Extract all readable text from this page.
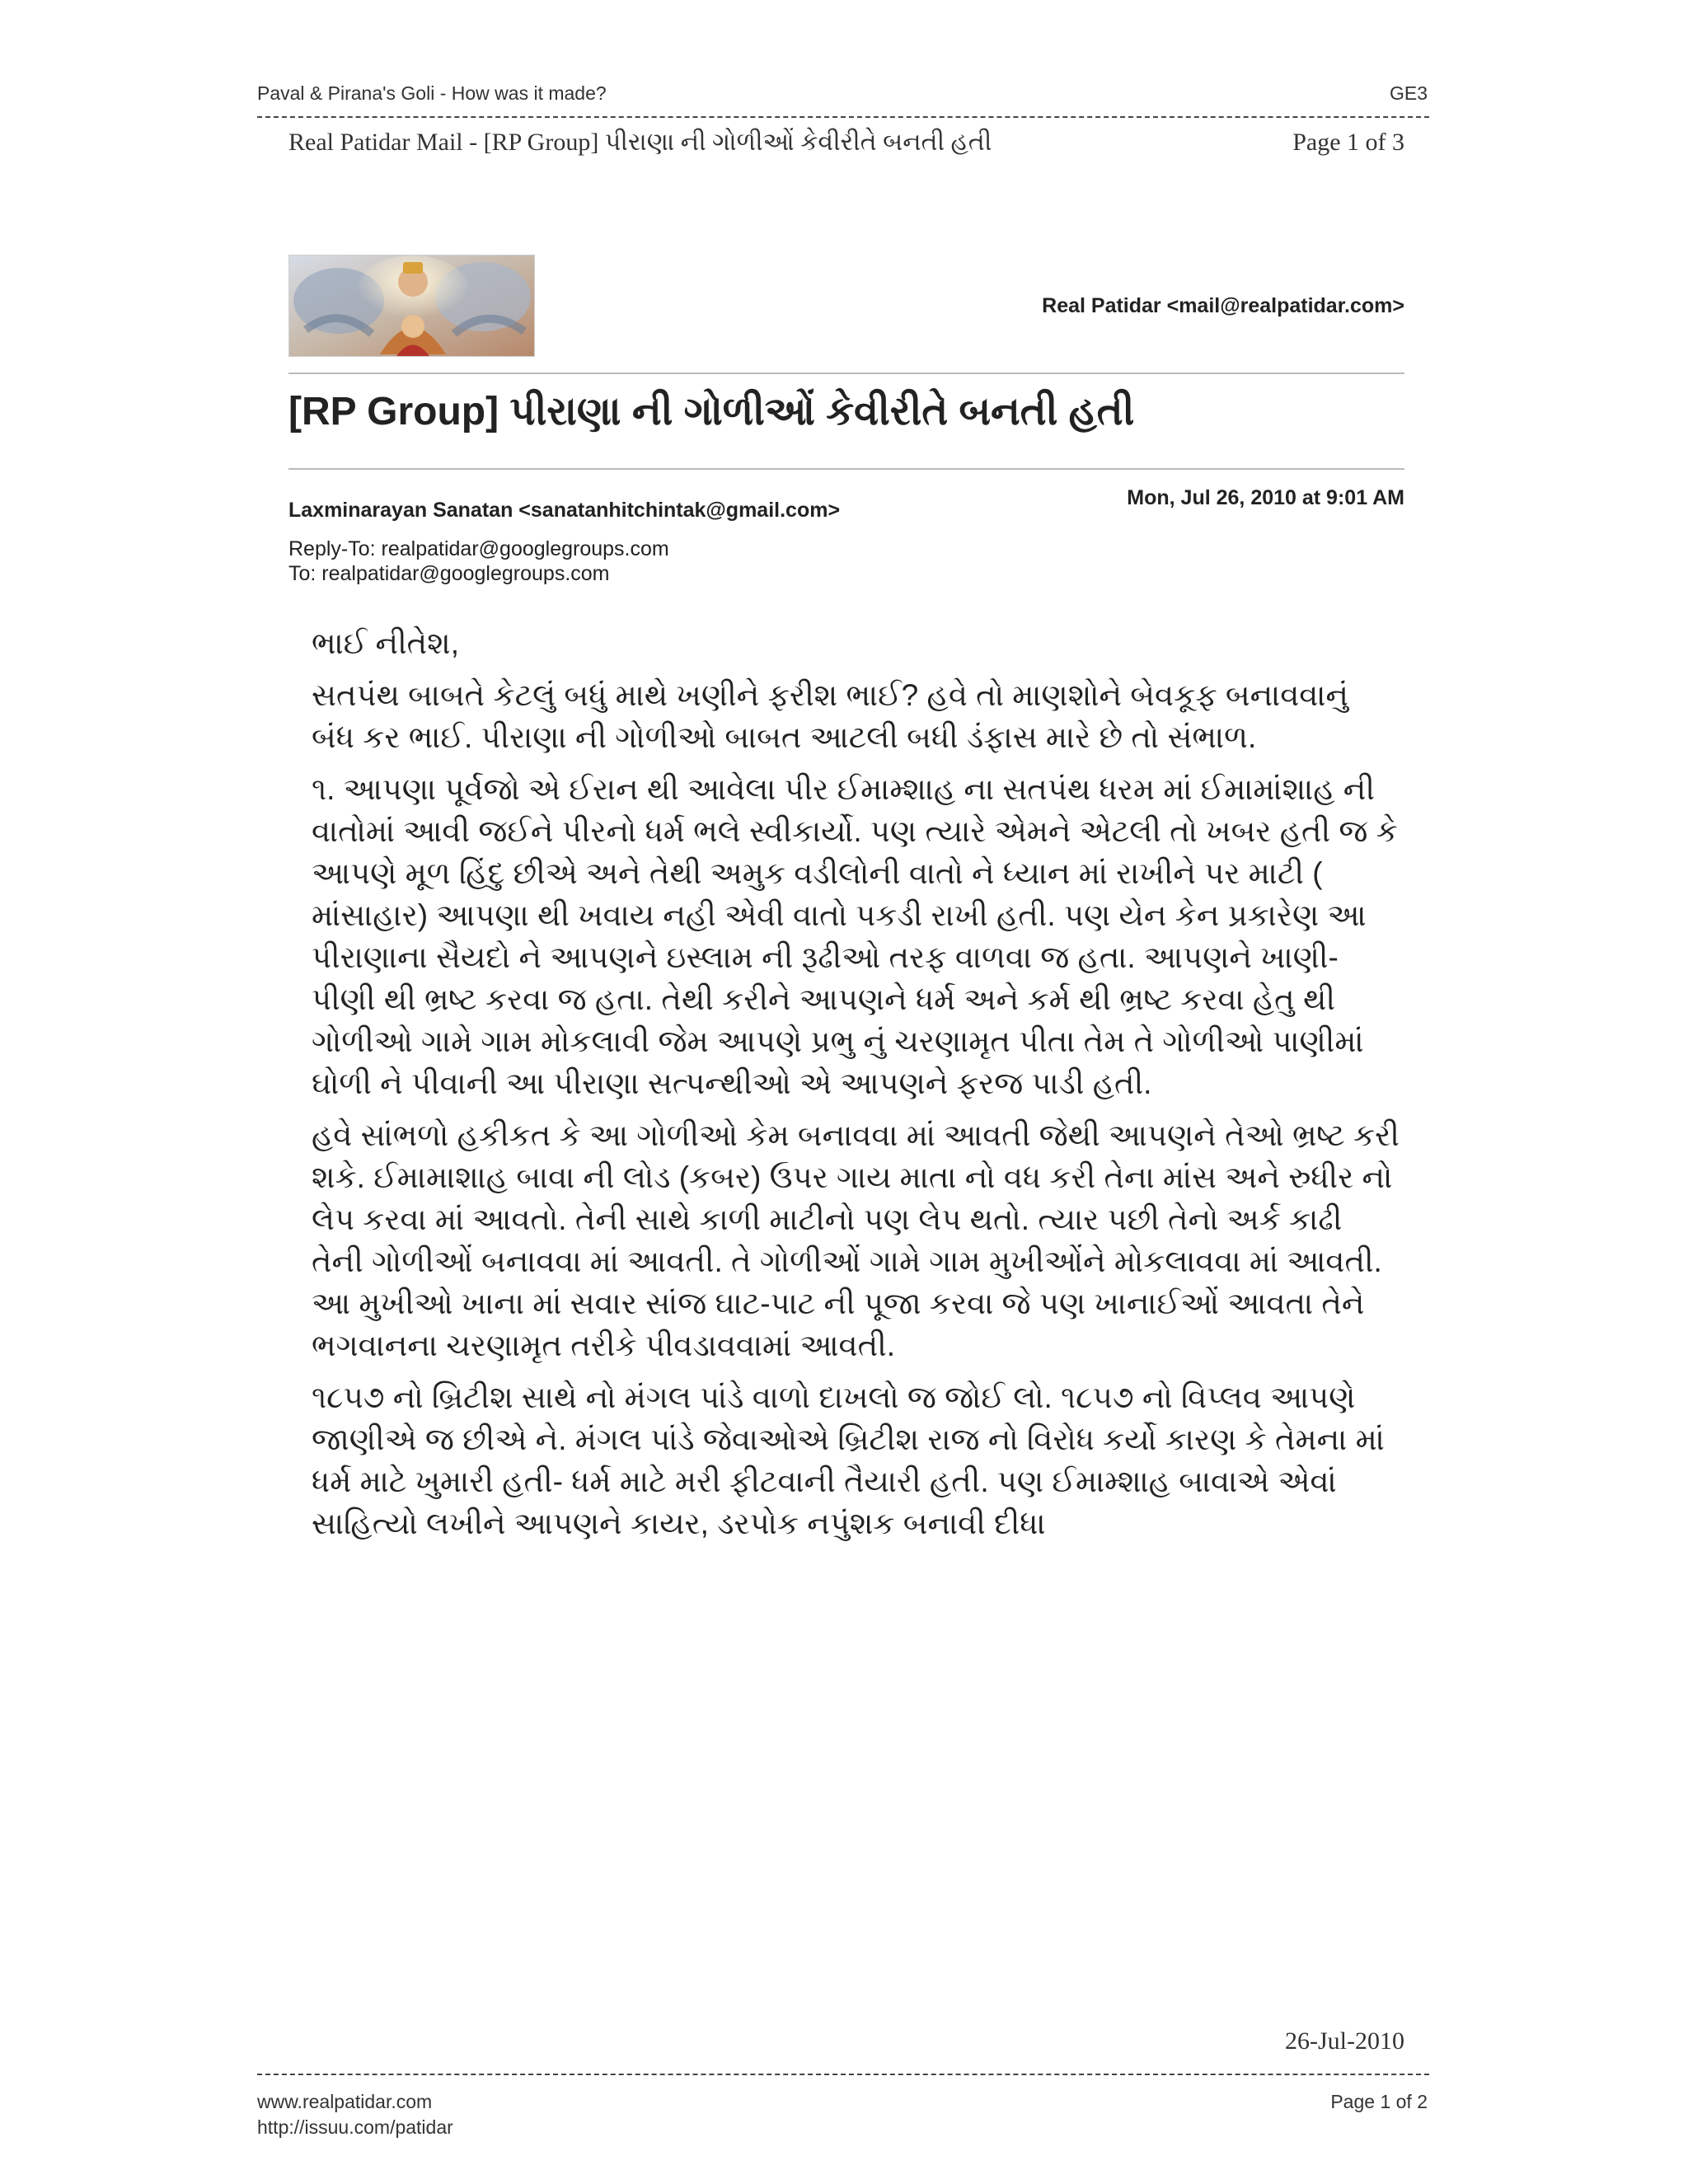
Paval & Pirana's Goli - How was it made?	GE3
Real Patidar Mail - [RP Group] પીરાણા ની ગોળીઓં કેવીરીતે બનતી હતી	Page 1 of 3
Real Patidar <mail@realpatidar.com>
[RP Group] પીરાણા ની ગોળીઓં કેવીરીતે બનતી હતી
Laxminarayan Sanatan <sanatanhitchintak@gmail.com>
Mon, Jul 26, 2010 at 9:01 AM
Reply-To: realpatidar@googlegroups.com
To: realpatidar@googlegroups.com

ભાઈ નીતેશ,

સતપંથ બાબતે કેટલું બધું માથે ખણીને ફરીશ ભાઈ? હવે તો માણશોને બેવકૂફ બનાવવાનું બંધ કર ભાઈ. પીરાણા ની ગોળીઓ બાબત આટલી બધી ડંફાસ મારે છે તો સંભાળ.

૧. આપણા પૂર્વજો એ ઈરાન થી આવેલા પીર ઈમામ્શાહ ના સતપંથ ધરમ માં ઈમામાંશાહ ની વાતોમાં આવી જઈને પીરનો ધર્મ ભલે સ્વીકાર્યો. પણ ત્યારે એમને એટલી તો ખબર હતી જ કે આપણે મૂળ હિંદુ છીએ અને તેથી અમુક વડીલોની વાતો ને ધ્યાન માં રાખીને પર માટી ( માંસાહાર) આપણા થી ખવાય નહી એવી વાતો પકડી રાખી હતી. પણ યેન કેન પ્રકારેણ આ પીરાણાના સૈયદો ને આપણને ઇસ્લામ ની રૂઢીઓ તરફ વાળવા જ હતા. આપણને ખાણી-પીણી થી ભ્રષ્ટ કરવા જ હતા. તેથી કરીને આપણને ધર્મ અને કર્મ થી ભ્રષ્ટ કરવા હેતુ થી ગોળીઓ ગામે ગામ મોકલાવી જેમ આપણે પ્રભુ નું ચરણામૃત પીતા તેમ તે ગોળીઓ પાણીમાં ઘોળી ને પીવાની આ પીરાણા સત્પન્થીઓ એ આપણને ફરજ પાડી હતી.

હવે સાંભળો હકીકત કે આ ગોળીઓ કેમ બનાવવા માં આવતી જેથી આપણને તેઓ ભ્રષ્ટ કરી શકે. ઈમામાશાહ બાવા ની લોડ (કબર) ઉપર ગાય માતા નો વધ કરી તેના માંસ અને રુધીર નો લેપ કરવા માં આવતો. તેની સાથે કાળી માટીનો પણ લેપ થતો. ત્યાર પછી તેનો અર્ક કાઢી તેની ગોળીઓં બનાવવા માં આવતી. તે ગોળીઓં ગામે ગામ મુખીઓંને મોકલાવવા માં આવતી. આ મુખીઓ ખાના માં સવાર સાંજ ઘાટ-પાટ ની પૂજા કરવા જે પણ ખાનાઈઓં આવતા તેને ભગવાનના ચરણામૃત તરીકે પીવડાવવામાં આવતી.

૧૮૫૭ નો બ્રિટીશ સાથે નો મંગલ પાંડે વાળો દાખલો જ જોઈ લો. ૧૮૫૭ નો વિપ્લવ આપણે જાણીએ જ છીએ ને. મંગલ પાંડે જેવાઓએ બ્રિટીશ રાજ નો વિરોધ કર્યો કારણ કે તેમના માં ધર્મ માટે ખુમારી હતી- ધર્મ માટે મરી ફીટવાની તૈયારી હતી. પણ ઈમામ્શાહ બાવાએ એવાં સાહિત્યો લખીને આપણને કાયર, ડરપોક નપુંશક બનાવી દીધા

26-Jul-2010
www.realpatidar.com
http://issuu.com/patidar
Page 1 of 2
